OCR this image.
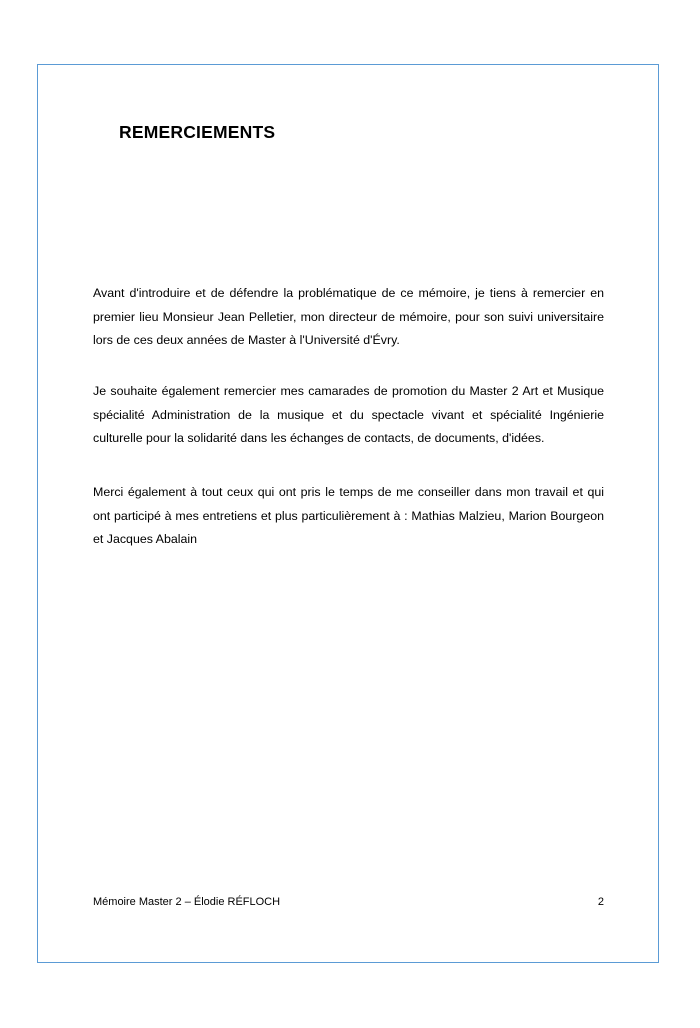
REMERCIEMENTS

Avant d'introduire et de défendre la problématique de ce mémoire, je tiens à remercier en premier lieu Monsieur Jean Pelletier, mon directeur de mémoire, pour son suivi universitaire lors de ces deux années de Master à l'Université d'Évry.

Je souhaite également remercier mes camarades de promotion du Master 2 Art et Musique spécialité Administration de la musique et du spectacle vivant et spécialité Ingénierie culturelle pour la solidarité dans les échanges de contacts, de documents, d'idées.

Merci également à tout ceux qui ont pris le temps de me conseiller dans mon travail et qui ont participé à mes entretiens et plus particulièrement à : Mathias Malzieu, Marion Bourgeon et Jacques Abalain

Mémoire Master 2 – Élodie RÉFLOCH	2
